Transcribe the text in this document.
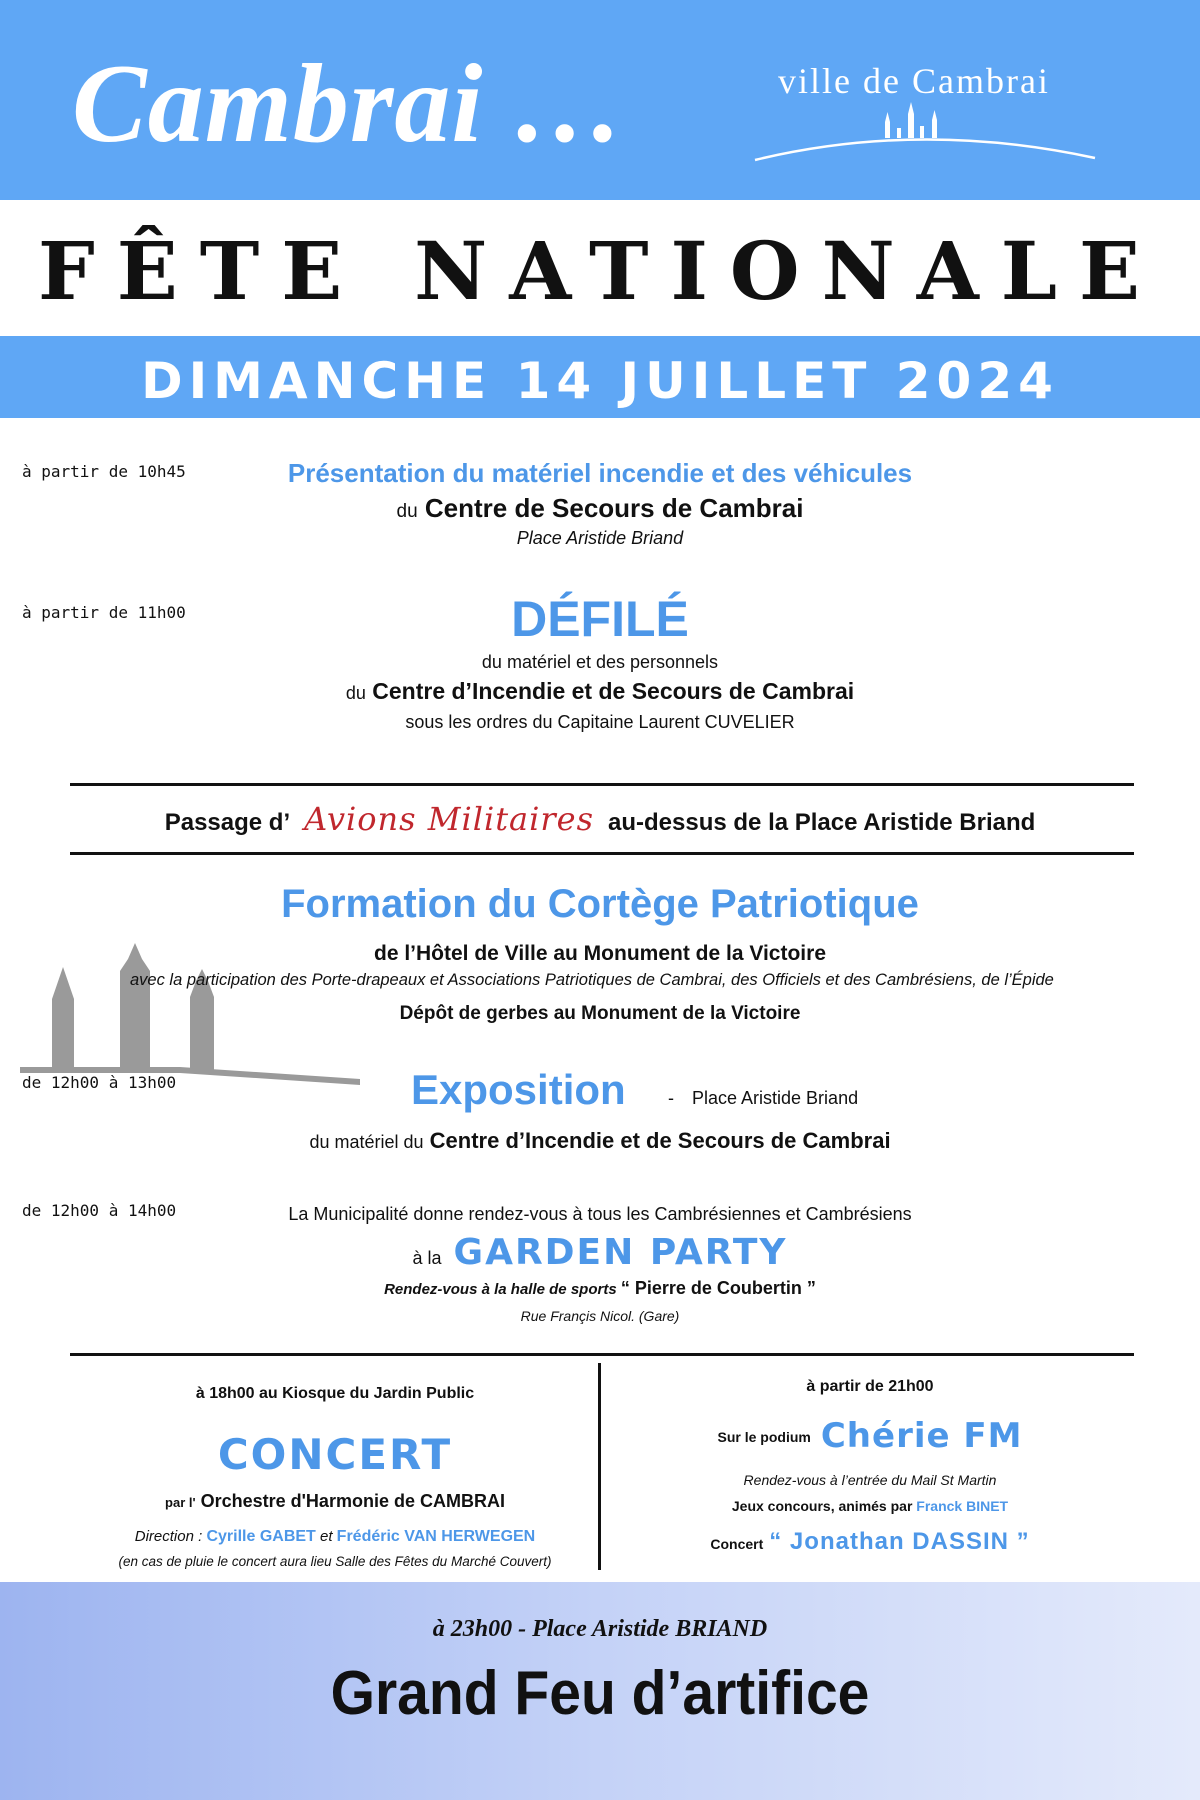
Cambrai …	ville de Cambrai
FÊTE NATIONALE
DIMANCHE 14 JUILLET 2024
à partir de 10h45	Présentation du matériel incendie et des véhicules
du Centre de Secours de Cambrai
Place Aristide Briand
à partir de 11h00	DÉFILÉ
du matériel et des personnels
du Centre d’Incendie et de Secours de Cambrai
sous les ordres du Capitaine Laurent CUVELIER
Passage d’ Avions Militaires au-dessus de la Place Aristide Briand
Formation du Cortège Patriotique
de l’Hôtel de Ville au Monument de la Victoire
avec la participation des Porte-drapeaux et Associations Patriotiques de Cambrai, des Officiels et des Cambrésiens, de l’Épide
Dépôt de gerbes au Monument de la Victoire
de 12h00 à 13h00	Exposition - Place Aristide Briand
du matériel du Centre d’Incendie et de Secours de Cambrai
de 12h00 à 14h00	La Municipalité donne rendez-vous à tous les Cambrésiennes et Cambrésiens
à la GARDEN PARTY
Rendez-vous à la halle de sports “ Pierre de Coubertin ”
Rue Françis Nicol. (Gare)
à 18h00 au Kiosque du Jardin Public
CONCERT
par l' Orchestre d'Harmonie de CAMBRAI
Direction : Cyrille GABET et Frédéric VAN HERWEGEN
(en cas de pluie le concert aura lieu Salle des Fêtes du Marché Couvert)
à partir de 21h00
Sur le podium Chérie FM
Rendez-vous à l’entrée du Mail St Martin
Jeux concours, animés par Franck BINET
Concert “ Jonathan DASSIN ”
à 23h00 - Place Aristide BRIAND
Grand Feu d’artifice
